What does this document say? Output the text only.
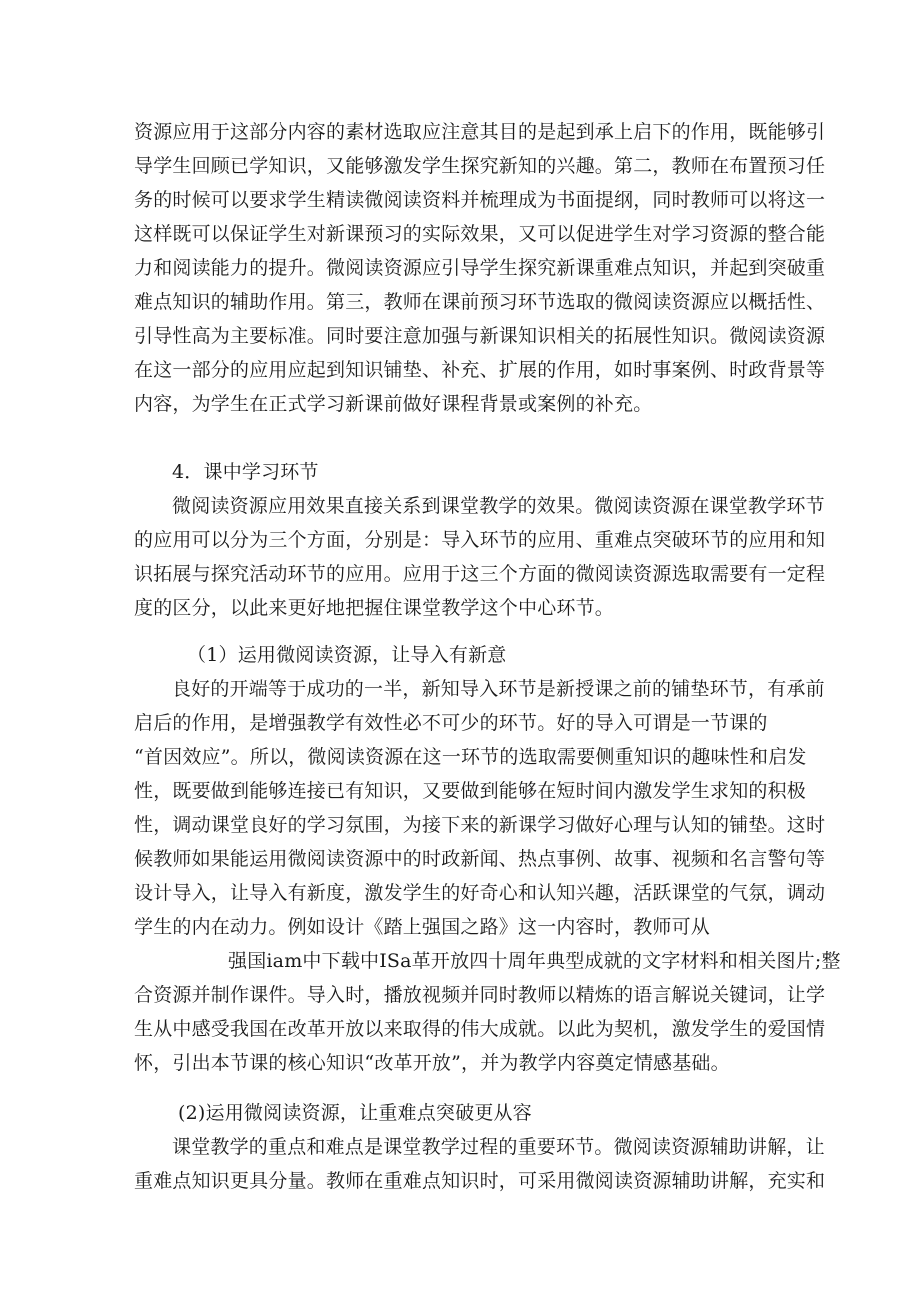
资源应用于这部分内容的素材选取应注意其目的是起到承上启下的作用，既能够引
导学生回顾已学知识，又能够激发学生探究新知的兴趣。第二，教师在布置预习任
务的时候可以要求学生精读微阅读资料并梳理成为书面提纲，同时教师可以将这一
这样既可以保证学生对新课预习的实际效果，又可以促进学生对学习资源的整合能
力和阅读能力的提升。微阅读资源应引导学生探究新课重难点知识，并起到突破重
难点知识的辅助作用。第三，教师在课前预习环节选取的微阅读资源应以概括性、
引导性高为主要标准。同时要注意加强与新课知识相关的拓展性知识。微阅读资源
在这一部分的应用应起到知识铺垫、补充、扩展的作用，如时事案例、时政背景等
内容，为学生在正式学习新课前做好课程背景或案例的补充。
4．课中学习环节
微阅读资源应用效果直接关系到课堂教学的效果。微阅读资源在课堂教学环节
的应用可以分为三个方面，分别是：导入环节的应用、重难点突破环节的应用和知
识拓展与探究活动环节的应用。应用于这三个方面的微阅读资源选取需要有一定程
度的区分，以此来更好地把握住课堂教学这个中心环节。
（1）运用微阅读资源，让导入有新意
良好的开端等于成功的一半，新知导入环节是新授课之前的铺垫环节，有承前
启后的作用，是增强教学有效性必不可少的环节。好的导入可谓是一节课的
“首因效应”。所以，微阅读资源在这一环节的选取需要侧重知识的趣味性和启发
性，既要做到能够连接已有知识，又要做到能够在短时间内激发学生求知的积极
性，调动课堂良好的学习氛围，为接下来的新课学习做好心理与认知的铺垫。这时
候教师如果能运用微阅读资源中的时政新闻、热点事例、故事、视频和名言警句等
设计导入，让导入有新度，激发学生的好奇心和认知兴趣，活跃课堂的气氛，调动
学生的内在动力。例如设计《踏上强国之路》这一内容时，教师可从
强国iam中下载中ISa革开放四十周年典型成就的文字材料和相关图片;整
合资源并制作课件。导入时，播放视频并同时教师以精炼的语言解说关键词，让学
生从中感受我国在改革开放以来取得的伟大成就。以此为契机，激发学生的爱国情
怀，引出本节课的核心知识“改革开放”，并为教学内容奠定情感基础。
(2)运用微阅读资源，让重难点突破更从容
课堂教学的重点和难点是课堂教学过程的重要环节。微阅读资源辅助讲解，让
重难点知识更具分量。教师在重难点知识时，可采用微阅读资源辅助讲解，充实和
